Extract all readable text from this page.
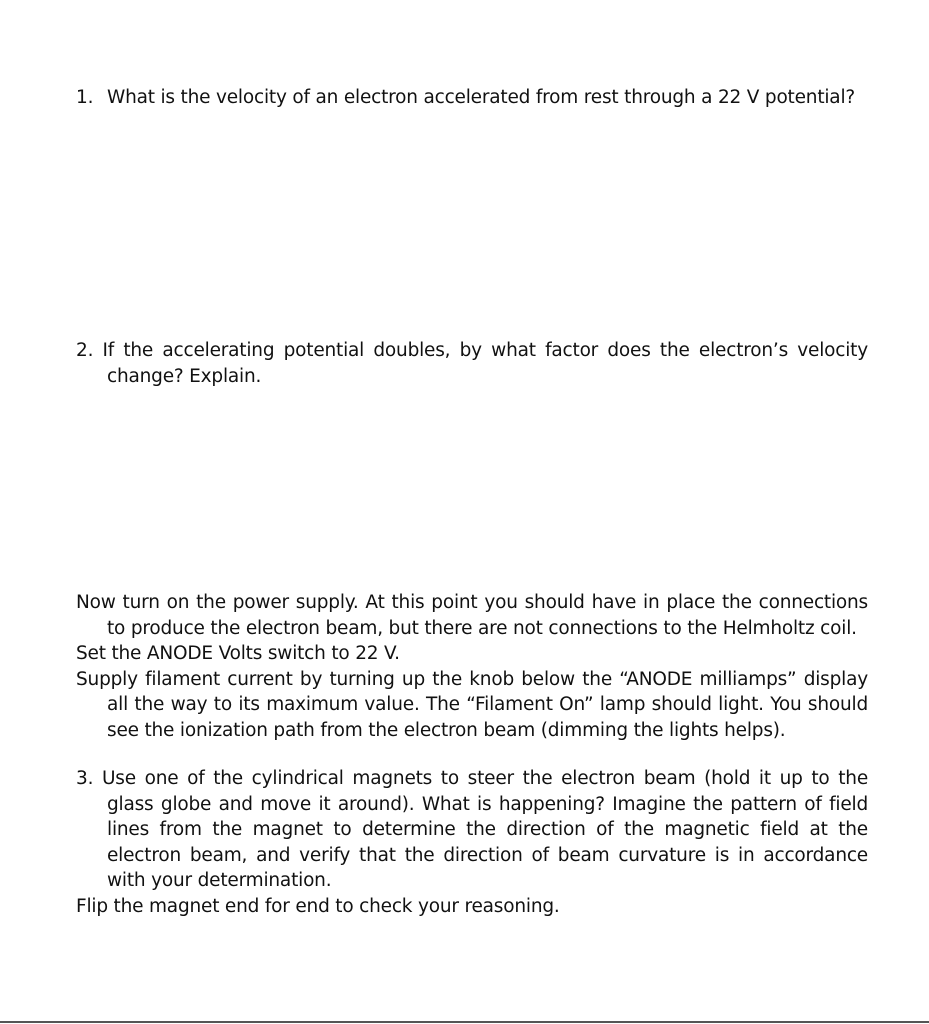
1. What is the velocity of an electron accelerated from rest through a 22 V potential?

2. If the accelerating potential doubles, by what factor does the electron’s velocity change? Explain.

Now turn on the power supply. At this point you should have in place the connections to produce the electron beam, but there are not connections to the Helmholtz coil.

Set the ANODE Volts switch to 22 V.

Supply filament current by turning up the knob below the “ANODE milliamps” display all the way to its maximum value. The “Filament On” lamp should light. You should see the ionization path from the electron beam (dimming the lights helps).

3. Use one of the cylindrical magnets to steer the electron beam (hold it up to the glass globe and move it around). What is happening? Imagine the pattern of field lines from the magnet to determine the direction of the magnetic field at the electron beam, and verify that the direction of beam curvature is in accordance with your determination.

Flip the magnet end for end to check your reasoning.
